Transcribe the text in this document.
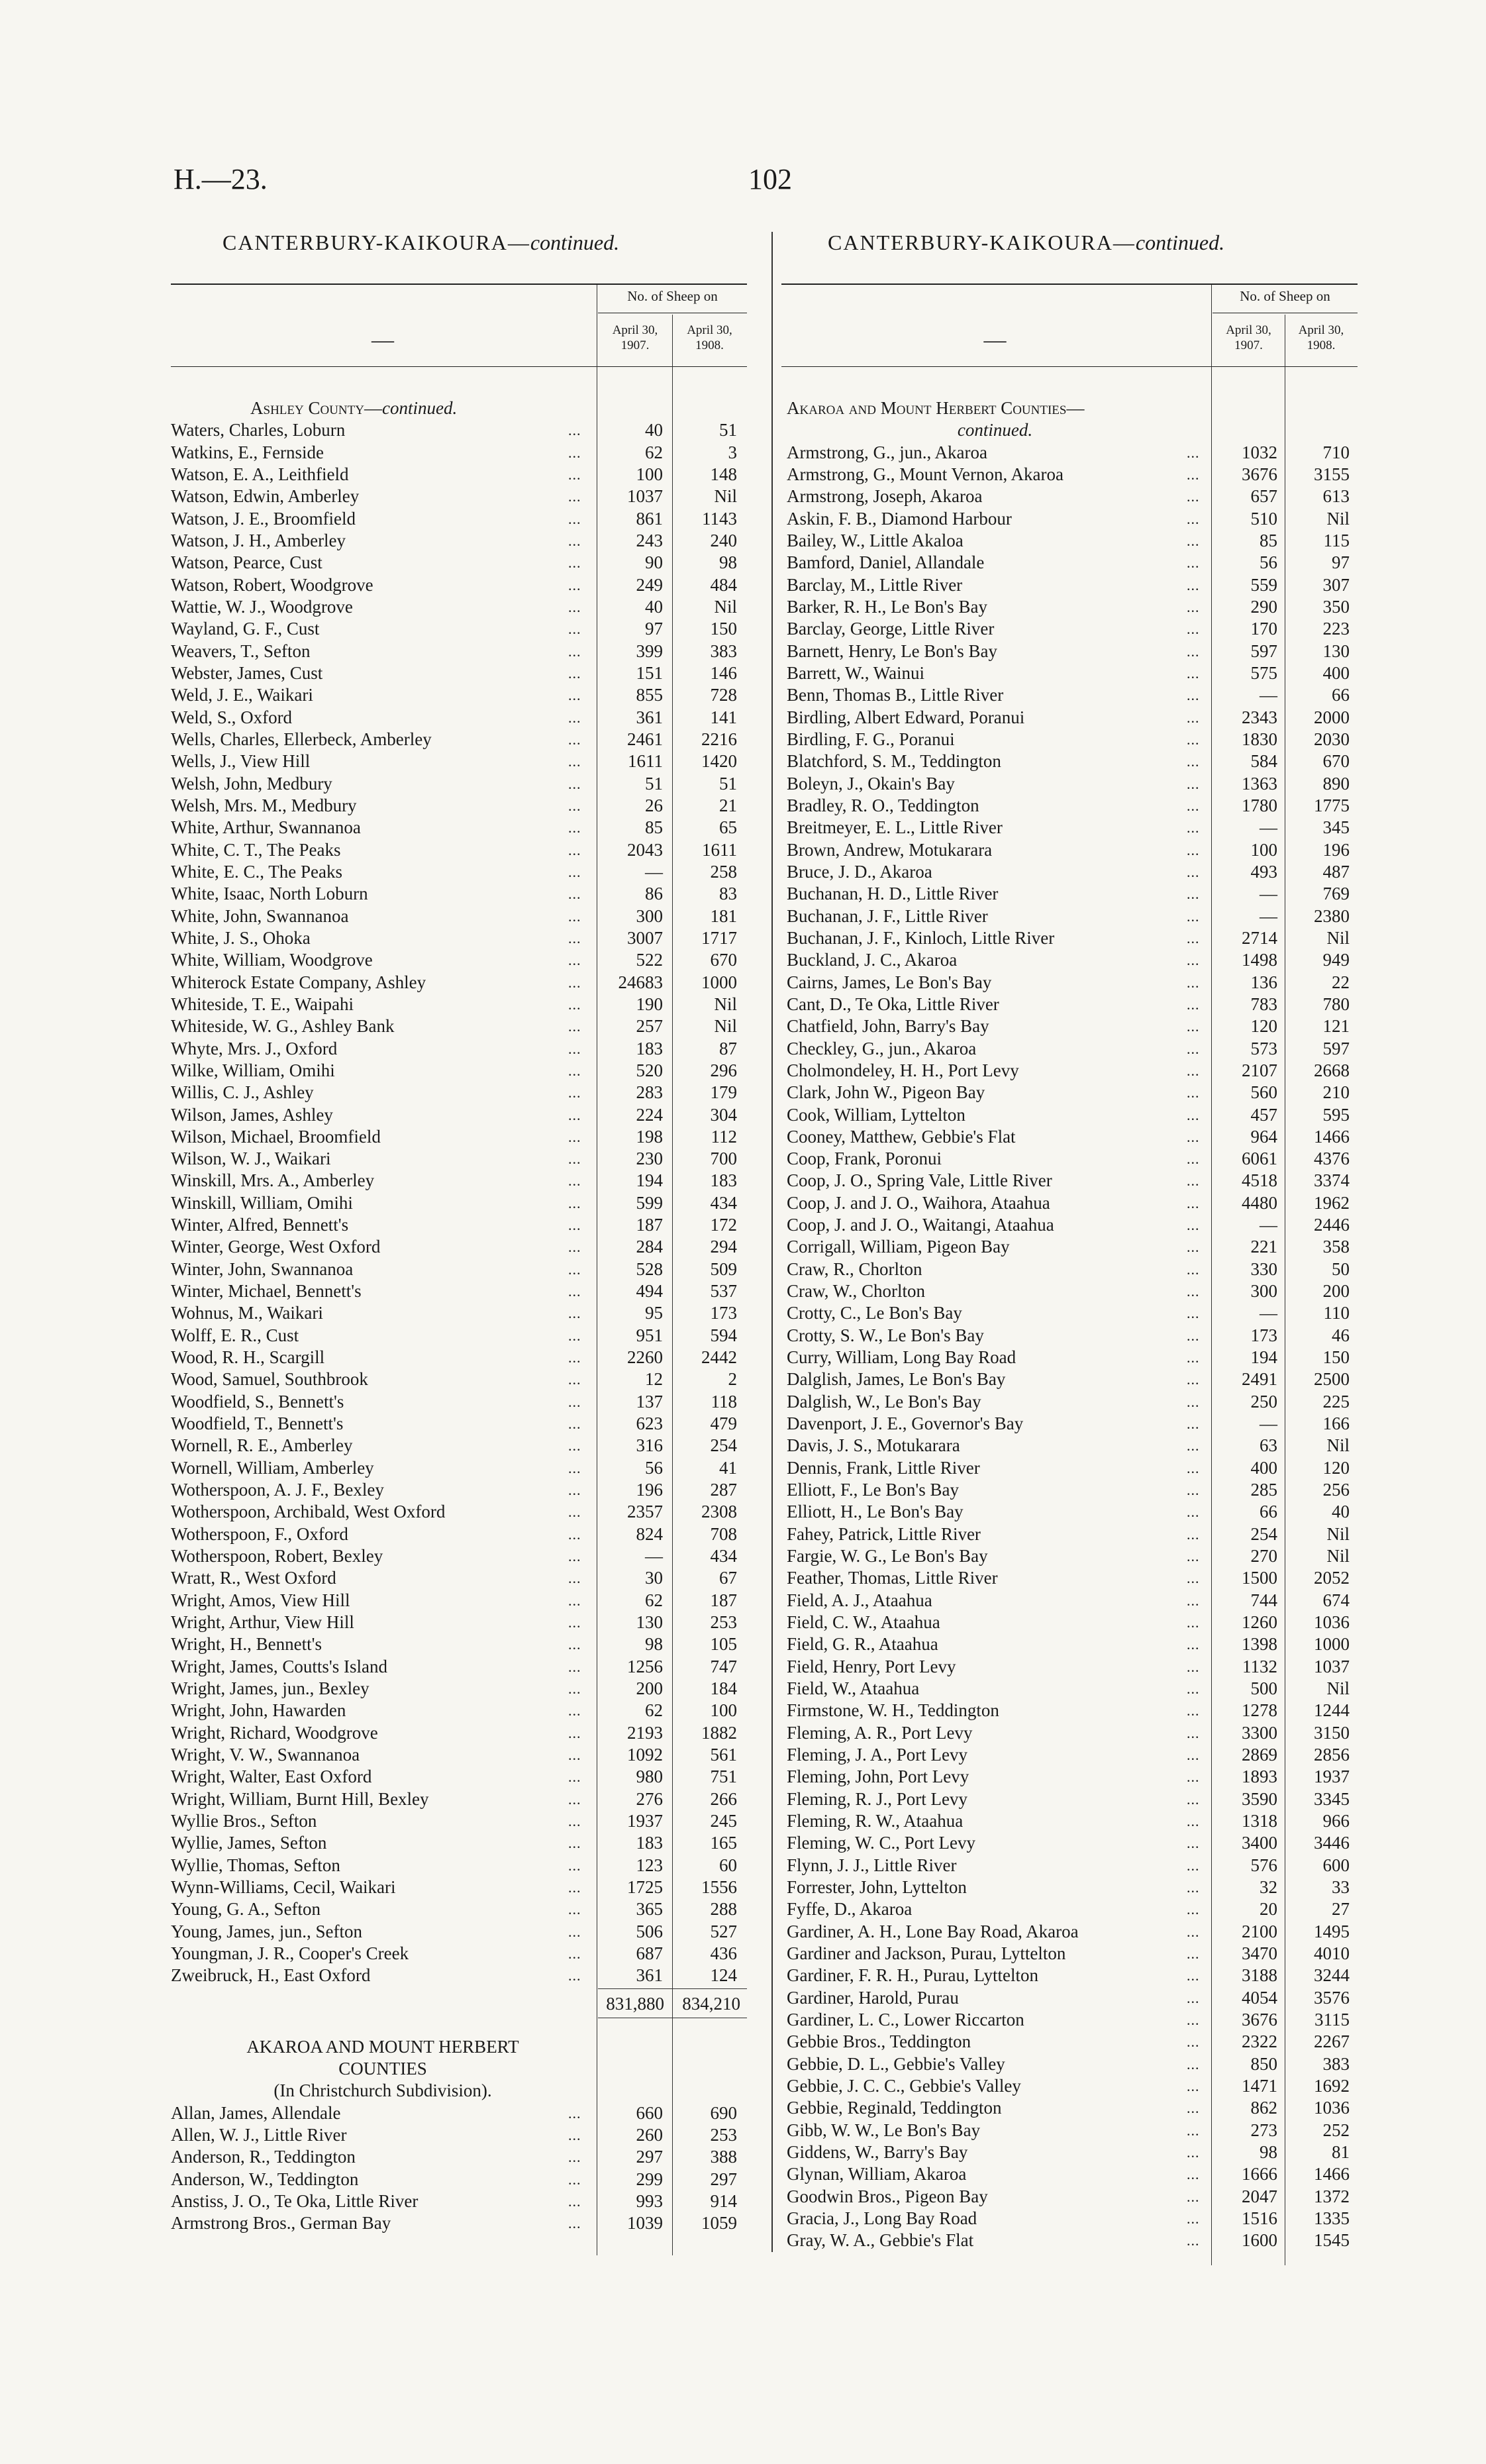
H.—23.	102
CANTERBURY-KAIKOURA—continued.	CANTERBURY-KAIKOURA—continued.
—
No. of Sheep on
April 30, 1907.
April 30, 1908.
Ashley County—continued.
Waters, Charles, Loburn	...	40	51
Watkins, E., Fernside	...	62	3
Watson, E. A., Leithfield	...	100	148
Watson, Edwin, Amberley	...	1037	Nil
Watson, J. E., Broomfield	...	861	1143
Watson, J. H., Amberley	...	243	240
Watson, Pearce, Cust	...	90	98
Watson, Robert, Woodgrove	...	249	484
Wattie, W. J., Woodgrove	...	40	Nil
Wayland, G. F., Cust	...	97	150
Weavers, T., Sefton	...	399	383
Webster, James, Cust	...	151	146
Weld, J. E., Waikari	...	855	728
Weld, S., Oxford	...	361	141
Wells, Charles, Ellerbeck, Amberley	...	2461	2216
Wells, J., View Hill	...	1611	1420
Welsh, John, Medbury	...	51	51
Welsh, Mrs. M., Medbury	...	26	21
White, Arthur, Swannanoa	...	85	65
White, C. T., The Peaks	...	2043	1611
White, E. C., The Peaks	...	—	258
White, Isaac, North Loburn	...	86	83
White, John, Swannanoa	...	300	181
White, J. S., Ohoka	...	3007	1717
White, William, Woodgrove	...	522	670
Whiterock Estate Company, Ashley	...	24683	1000
Whiteside, T. E., Waipahi	...	190	Nil
Whiteside, W. G., Ashley Bank	...	257	Nil
Whyte, Mrs. J., Oxford	...	183	87
Wilke, William, Omihi	...	520	296
Willis, C. J., Ashley	...	283	179
Wilson, James, Ashley	...	224	304
Wilson, Michael, Broomfield	...	198	112
Wilson, W. J., Waikari	...	230	700
Winskill, Mrs. A., Amberley	...	194	183
Winskill, William, Omihi	...	599	434
Winter, Alfred, Bennett's	...	187	172
Winter, George, West Oxford	...	284	294
Winter, John, Swannanoa	...	528	509
Winter, Michael, Bennett's	...	494	537
Wohnus, M., Waikari	...	95	173
Wolff, E. R., Cust	...	951	594
Wood, R. H., Scargill	...	2260	2442
Wood, Samuel, Southbrook	...	12	2
Woodfield, S., Bennett's	...	137	118
Woodfield, T., Bennett's	...	623	479
Wornell, R. E., Amberley	...	316	254
Wornell, William, Amberley	...	56	41
Wotherspoon, A. J. F., Bexley	...	196	287
Wotherspoon, Archibald, West Oxford	...	2357	2308
Wotherspoon, F., Oxford	...	824	708
Wotherspoon, Robert, Bexley	...	—	434
Wratt, R., West Oxford	...	30	67
Wright, Amos, View Hill	...	62	187
Wright, Arthur, View Hill	...	130	253
Wright, H., Bennett's	...	98	105
Wright, James, Coutts's Island	...	1256	747
Wright, James, jun., Bexley	...	200	184
Wright, John, Hawarden	...	62	100
Wright, Richard, Woodgrove	...	2193	1882
Wright, V. W., Swannanoa	...	1092	561
Wright, Walter, East Oxford	...	980	751
Wright, William, Burnt Hill, Bexley	...	276	266
Wyllie Bros., Sefton	...	1937	245
Wyllie, James, Sefton	...	183	165
Wyllie, Thomas, Sefton	...	123	60
Wynn-Williams, Cecil, Waikari	...	1725	1556
Young, G. A., Sefton	...	365	288
Young, James, jun., Sefton	...	506	527
Youngman, J. R., Cooper's Creek	...	687	436
Zweibruck, H., East Oxford	...	361	124
831,880	834,210
AKAROA AND MOUNT HERBERT
COUNTIES
(In Christchurch Subdivision).
Allan, James, Allendale	...	660	690
Allen, W. J., Little River	...	260	253
Anderson, R., Teddington	...	297	388
Anderson, W., Teddington	...	299	297
Anstiss, J. O., Te Oka, Little River	...	993	914
Armstrong Bros., German Bay	...	1039	1059
—
No. of Sheep on
April 30, 1907.
April 30, 1908.
Akaroa and Mount Herbert Counties—
continued.
Armstrong, G., jun., Akaroa	...	1032	710
Armstrong, G., Mount Vernon, Akaroa	...	3676	3155
Armstrong, Joseph, Akaroa	...	657	613
Askin, F. B., Diamond Harbour	...	510	Nil
Bailey, W., Little Akaloa	...	85	115
Bamford, Daniel, Allandale	...	56	97
Barclay, M., Little River	...	559	307
Barker, R. H., Le Bon's Bay	...	290	350
Barclay, George, Little River	...	170	223
Barnett, Henry, Le Bon's Bay	...	597	130
Barrett, W., Wainui	...	575	400
Benn, Thomas B., Little River	...	—	66
Birdling, Albert Edward, Poranui	...	2343	2000
Birdling, F. G., Poranui	...	1830	2030
Blatchford, S. M., Teddington	...	584	670
Boleyn, J., Okain's Bay	...	1363	890
Bradley, R. O., Teddington	...	1780	1775
Breitmeyer, E. L., Little River	...	—	345
Brown, Andrew, Motukarara	...	100	196
Bruce, J. D., Akaroa	...	493	487
Buchanan, H. D., Little River	...	—	769
Buchanan, J. F., Little River	...	—	2380
Buchanan, J. F., Kinloch, Little River	...	2714	Nil
Buckland, J. C., Akaroa	...	1498	949
Cairns, James, Le Bon's Bay	...	136	22
Cant, D., Te Oka, Little River	...	783	780
Chatfield, John, Barry's Bay	...	120	121
Checkley, G., jun., Akaroa	...	573	597
Cholmondeley, H. H., Port Levy	...	2107	2668
Clark, John W., Pigeon Bay	...	560	210
Cook, William, Lyttelton	...	457	595
Cooney, Matthew, Gebbie's Flat	...	964	1466
Coop, Frank, Poronui	...	6061	4376
Coop, J. O., Spring Vale, Little River	...	4518	3374
Coop, J. and J. O., Waihora, Ataahua	...	4480	1962
Coop, J. and J. O., Waitangi, Ataahua	...	—	2446
Corrigall, William, Pigeon Bay	...	221	358
Craw, R., Chorlton	...	330	50
Craw, W., Chorlton	...	300	200
Crotty, C., Le Bon's Bay	...	—	110
Crotty, S. W., Le Bon's Bay	...	173	46
Curry, William, Long Bay Road	...	194	150
Dalglish, James, Le Bon's Bay	...	2491	2500
Dalglish, W., Le Bon's Bay	...	250	225
Davenport, J. E., Governor's Bay	...	—	166
Davis, J. S., Motukarara	...	63	Nil
Dennis, Frank, Little River	...	400	120
Elliott, F., Le Bon's Bay	...	285	256
Elliott, H., Le Bon's Bay	...	66	40
Fahey, Patrick, Little River	...	254	Nil
Fargie, W. G., Le Bon's Bay	...	270	Nil
Feather, Thomas, Little River	...	1500	2052
Field, A. J., Ataahua	...	744	674
Field, C. W., Ataahua	...	1260	1036
Field, G. R., Ataahua	...	1398	1000
Field, Henry, Port Levy	...	1132	1037
Field, W., Ataahua	...	500	Nil
Firmstone, W. H., Teddington	...	1278	1244
Fleming, A. R., Port Levy	...	3300	3150
Fleming, J. A., Port Levy	...	2869	2856
Fleming, John, Port Levy	...	1893	1937
Fleming, R. J., Port Levy	...	3590	3345
Fleming, R. W., Ataahua	...	1318	966
Fleming, W. C., Port Levy	...	3400	3446
Flynn, J. J., Little River	...	576	600
Forrester, John, Lyttelton	...	32	33
Fyffe, D., Akaroa	...	20	27
Gardiner, A. H., Lone Bay Road, Akaroa	...	2100	1495
Gardiner and Jackson, Purau, Lyttelton	...	3470	4010
Gardiner, F. R. H., Purau, Lyttelton	...	3188	3244
Gardiner, Harold, Purau	...	4054	3576
Gardiner, L. C., Lower Riccarton	...	3676	3115
Gebbie Bros., Teddington	...	2322	2267
Gebbie, D. L., Gebbie's Valley	...	850	383
Gebbie, J. C. C., Gebbie's Valley	...	1471	1692
Gebbie, Reginald, Teddington	...	862	1036
Gibb, W. W., Le Bon's Bay	...	273	252
Giddens, W., Barry's Bay	...	98	81
Glynan, William, Akaroa	...	1666	1466
Goodwin Bros., Pigeon Bay	...	2047	1372
Gracia, J., Long Bay Road	...	1516	1335
Gray, W. A., Gebbie's Flat	...	1600	1545
